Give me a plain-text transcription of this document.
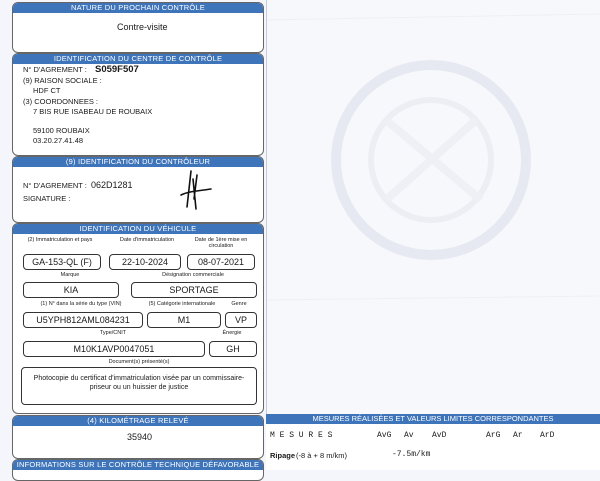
NATURE DU PROCHAIN CONTRÔLE
Contre-visite
IDENTIFICATION DU CENTRE DE CONTRÔLE
N° D'AGREMENT : S059F507
(9) RAISON SOCIALE :
HDF CT
(3) COORDONNEES :
7 BIS RUE ISABEAU DE ROUBAIX
59100 ROUBAIX
03.20.27.41.48
(9) IDENTIFICATION DU CONTRÔLEUR
N° D'AGREMENT : 062D1281
SIGNATURE :
IDENTIFICATION DU VÉHICULE
(2) Immatriculation et pays	Date d'immatriculation	Date de 1ère mise en circulation
GA-153-QL (F)	22-10-2024	08-07-2021
Marque	Désignation commerciale
KIA	SPORTAGE
(1) N° dans la série du type (VIN)	(5) Catégorie internationale	Genre
U5YPH812AML084231	M1	VP
Type/CNIT	Énergie
M10K1AVP0047051	GH
Document(s) présenté(s)
Photocopie du certificat d'immatriculation visée par un commissaire-priseur ou un huissier de justice
(4) KILOMÉTRAGE RELEVÉ
35940
INFORMATIONS SUR LE CONTRÔLE TECHNIQUE DÉFAVORABLE
MESURES RÉALISÉES ET VALEURS LIMITES CORRESPONDANTES
M E S U R E S	AvG Av AvD	ArG Ar ArD
Ripage (-8 à + 8 m/km)	-7.5m/km
